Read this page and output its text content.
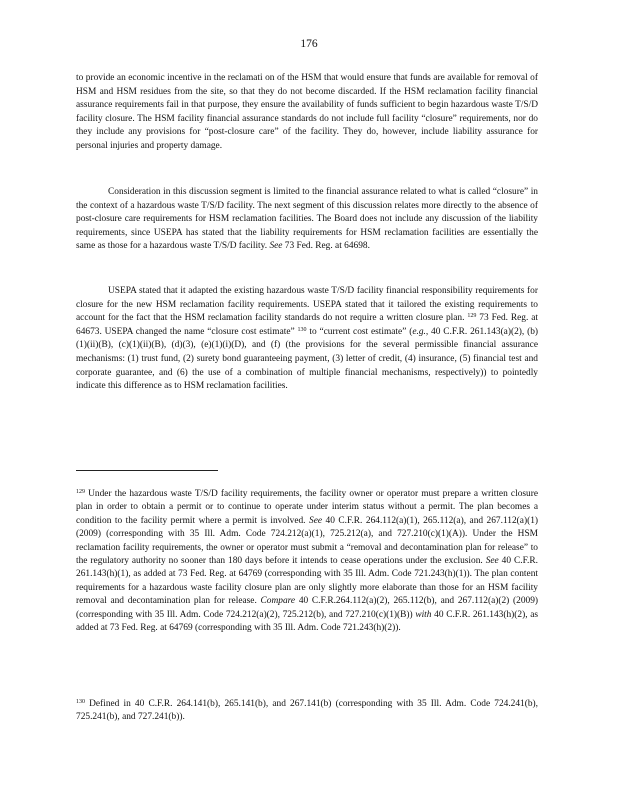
176

to provide an economic incentive in the reclamati on of the HSM that would ensure that funds are available for removal of HSM and HSM residues from the site, so that they do not become discarded. If the HSM reclamation facility financial assurance requirements fail in that purpose, they ensure the availability of funds sufficient to begin hazardous waste T/S/D facility closure. The HSM facility financial assurance standards do not include full facility “closure” requirements, nor do they include any provisions for “post-closure care” of the facility. They do, however, include liability assurance for personal injuries and property damage.

Consideration in this discussion segment is limited to the financial assurance related to what is called “closure” in the context of a hazardous waste T/S/D facility. The next segment of this discussion relates more directly to the absence of post-closure care requirements for HSM reclamation facilities. The Board does not include any discussion of the liability requirements, since USEPA has stated that the liability requirements for HSM reclamation facilities are essentially the same as those for a hazardous waste T/S/D facility. See 73 Fed. Reg. at 64698.

USEPA stated that it adapted the existing hazardous waste T/S/D facility financial responsibility requirements for closure for the new HSM reclamation facility requirements. USEPA stated that it tailored the existing requirements to account for the fact that the HSM reclamation facility standards do not require a written closure plan. $^{129}$ 73 Fed. Reg. at 64673. USEPA changed the name “closure cost estimate” $^{130}$ to “current cost estimate” (e.g., 40 C.F.R. 261.143(a)(2), (b)(1)(ii)(B), (c)(1)(ii)(B), (d)(3), (e)(1)(i)(D), and (f) (the provisions for the several permissible financial assurance mechanisms: (1) trust fund, (2) surety bond guaranteeing payment, (3) letter of credit, (4) insurance, (5) financial test and corporate guarantee, and (6) the use of a combination of multiple financial mechanisms, respectively)) to pointedly indicate this difference as to HSM reclamation facilities.

$^{129}$ Under the hazardous waste T/S/D facility requirements, the facility owner or operator must prepare a written closure plan in order to obtain a permit or to continue to operate under interim status without a permit. The plan becomes a condition to the facility permit where a permit is involved. See 40 C.F.R. 264.112(a)(1), 265.112(a), and 267.112(a)(1) (2009) (corresponding with 35 Ill. Adm. Code 724.212(a)(1), 725.212(a), and 727.210(c)(1)(A)). Under the HSM reclamation facility requirements, the owner or operator must submit a “removal and decontamination plan for release” to the regulatory authority no sooner than 180 days before it intends to cease operations under the exclusion. See 40 C.F.R. 261.143(h)(1), as added at 73 Fed. Reg. at 64769 (corresponding with 35 Ill. Adm. Code 721.243(h)(1)). The plan content requirements for a hazardous waste facility closure plan are only slightly more elaborate than those for an HSM facility removal and decontamination plan for release. Compare 40 C.F.R.264.112(a)(2), 265.112(b), and 267.112(a)(2) (2009) (corresponding with 35 Ill. Adm. Code 724.212(a)(2), 725.212(b), and 727.210(c)(1)(B)) with 40 C.F.R. 261.143(h)(2), as added at 73 Fed. Reg. at 64769 (corresponding with 35 Ill. Adm. Code 721.243(h)(2)).

$^{130}$ Defined in 40 C.F.R. 264.141(b), 265.141(b), and 267.141(b) (corresponding with 35 Ill. Adm. Code 724.241(b), 725.241(b), and 727.241(b)).
